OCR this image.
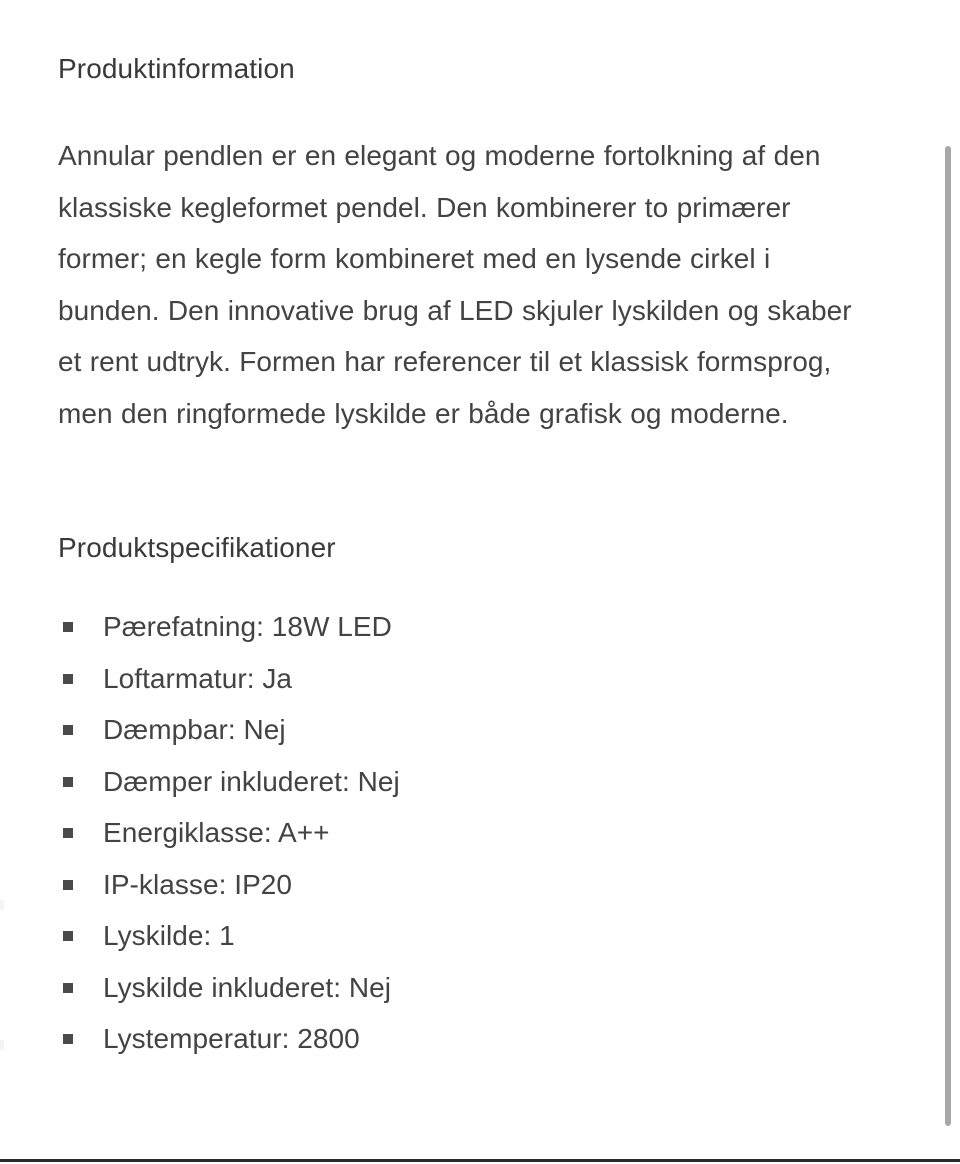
Produktinformation

Annular pendlen er en elegant og moderne fortolkning af den klassiske kegleformet pendel. Den kombinerer to primærer former; en kegle form kombineret med en lysende cirkel i bunden. Den innovative brug af LED skjuler lyskilden og skaber et rent udtryk. Formen har referencer til et klassisk formsprog, men den ringformede lyskilde er både grafisk og moderne.

Produktspecifikationer
Pærefatning: 18W LED
Loftarmatur: Ja
Dæmpbar: Nej
Dæmper inkluderet: Nej
Energiklasse: A++
IP-klasse: IP20
Lyskilde: 1
Lyskilde inkluderet: Nej
Lystemperatur: 2800
